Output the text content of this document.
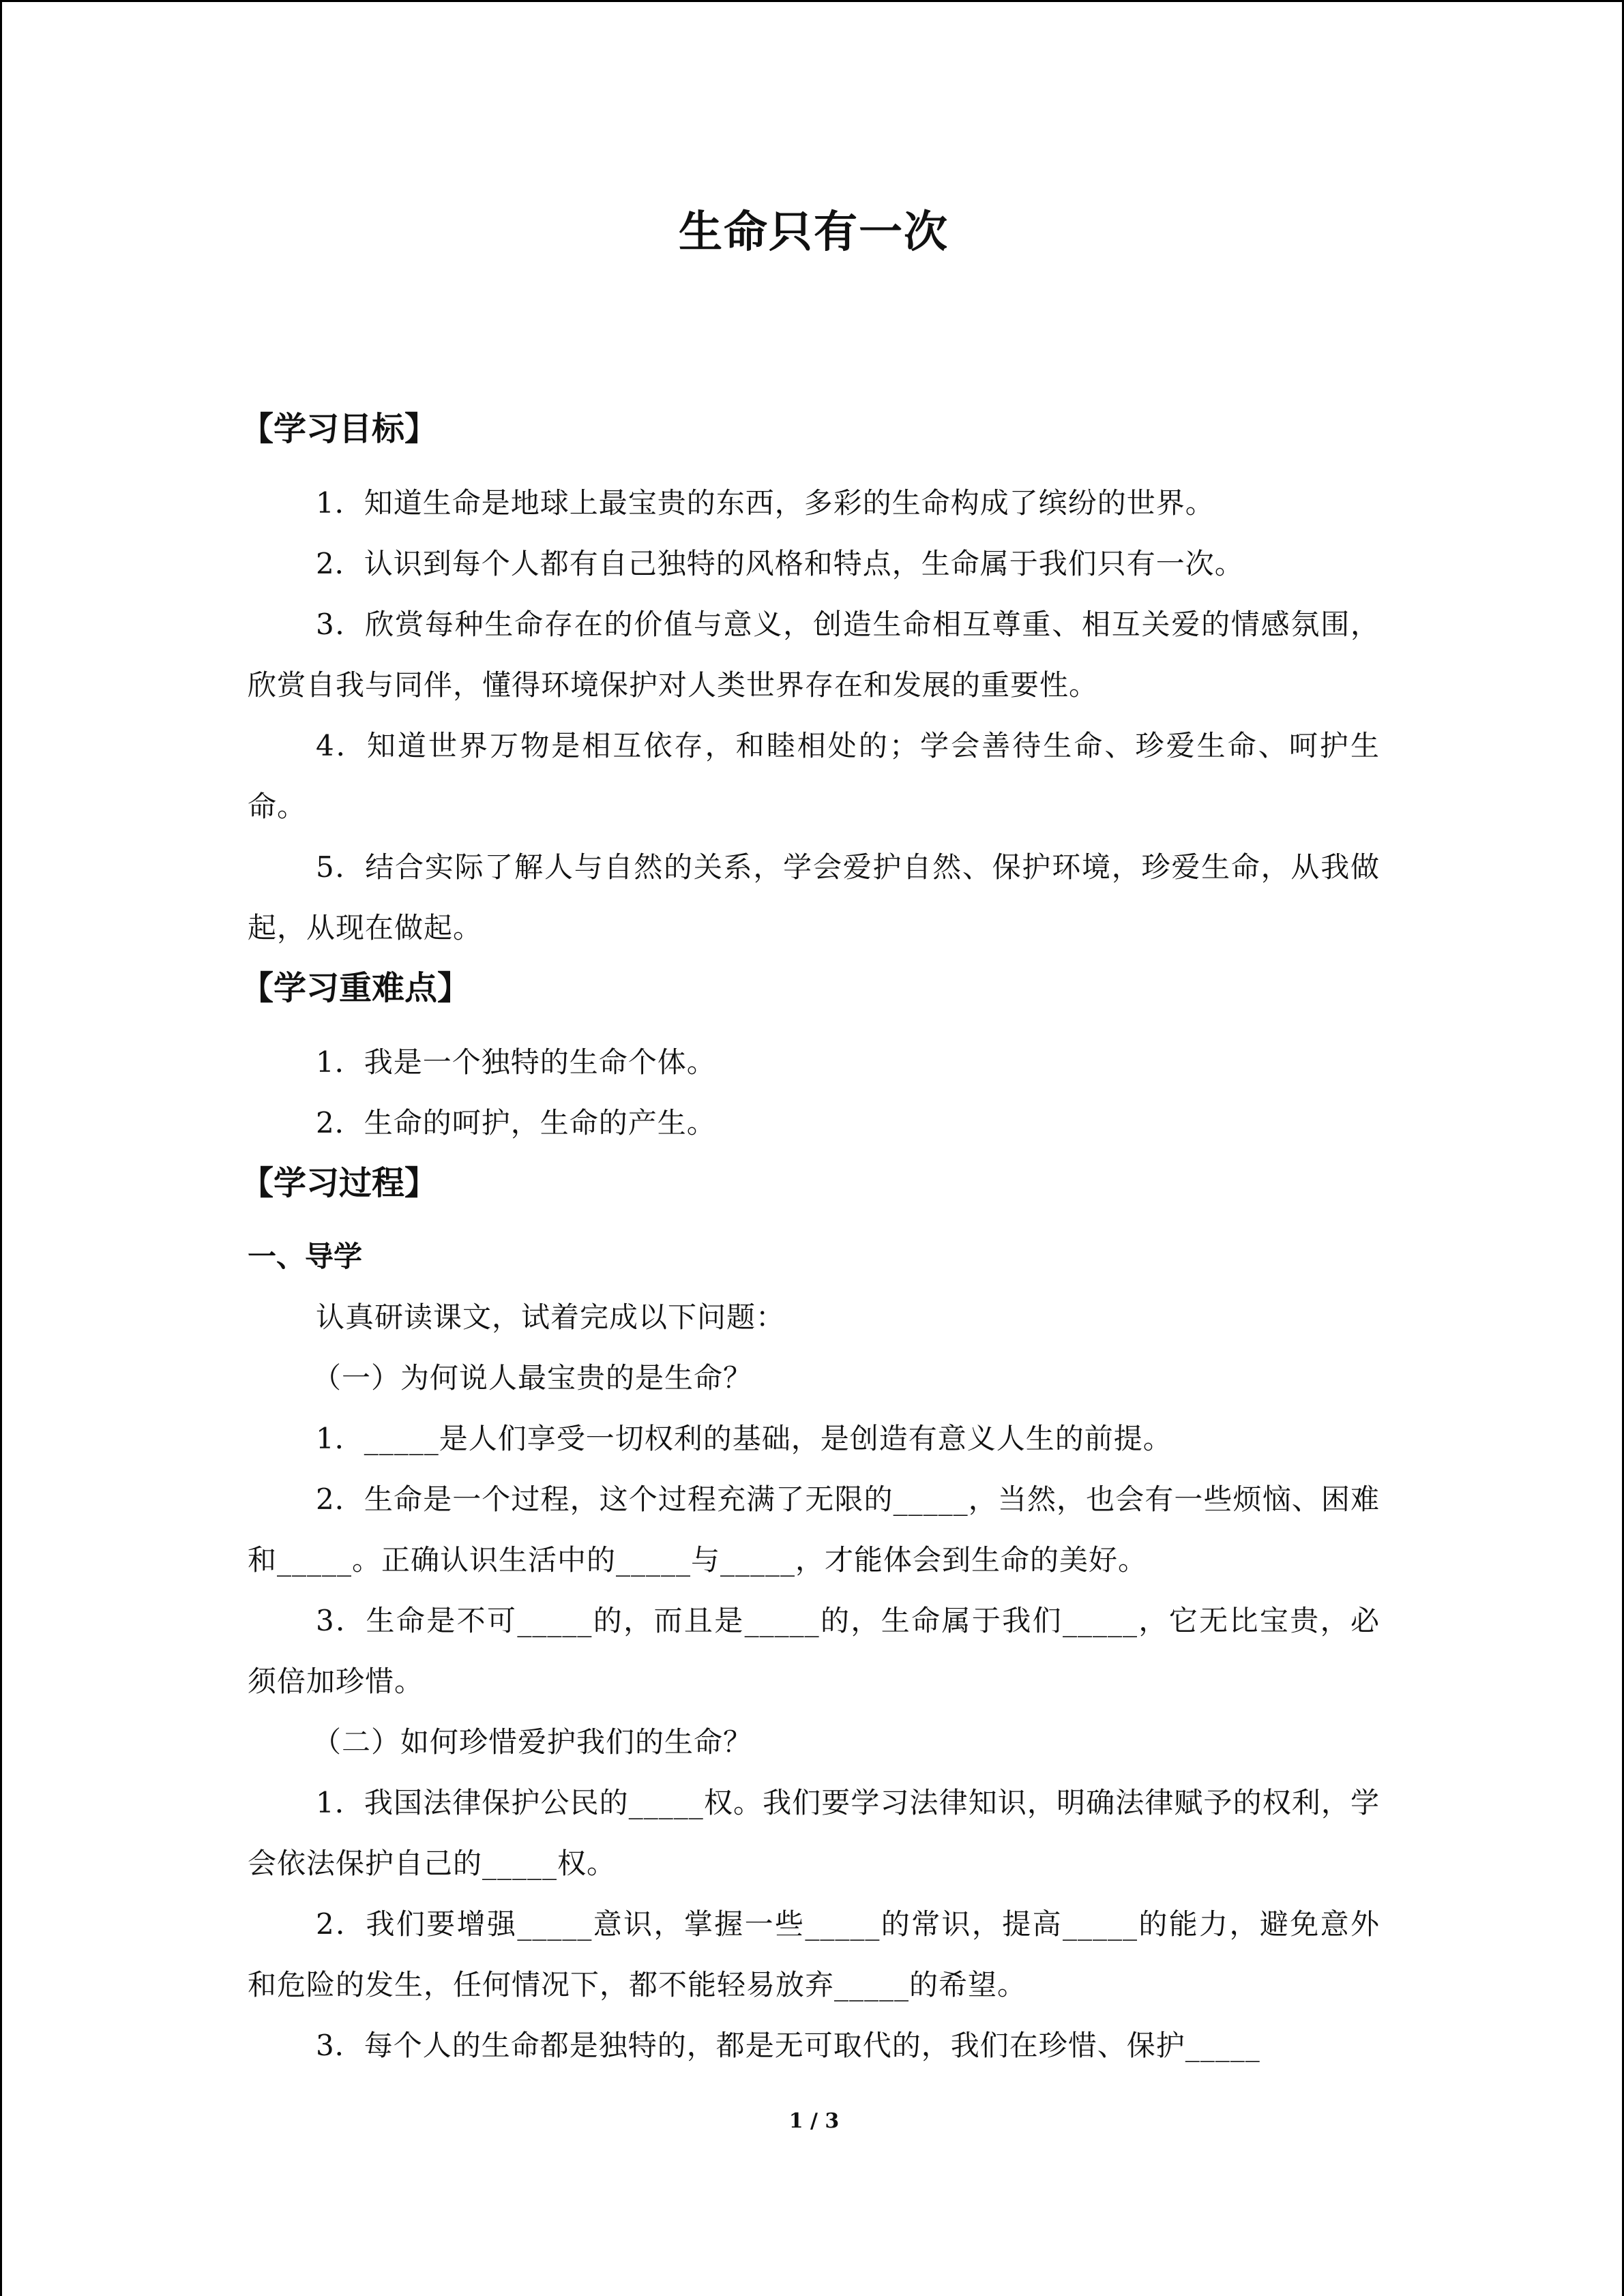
生命只有一次
【学习目标】

1．知道生命是地球上最宝贵的东西，多彩的生命构成了缤纷的世界。

2．认识到每个人都有自己独特的风格和特点，生命属于我们只有一次。

3．欣赏每种生命存在的价值与意义，创造生命相互尊重、相互关爱的情感氛围，欣赏自我与同伴，懂得环境保护对人类世界存在和发展的重要性。

4．知道世界万物是相互依存，和睦相处的；学会善待生命、珍爱生命、呵护生命。

5．结合实际了解人与自然的关系，学会爱护自然、保护环境，珍爱生命，从我做起，从现在做起。

【学习重难点】

1．我是一个独特的生命个体。

2．生命的呵护，生命的产生。

【学习过程】
一、导学

认真研读课文，试着完成以下问题：

（一）为何说人最宝贵的是生命？

1．_____是人们享受一切权利的基础，是创造有意义人生的前提。

2．生命是一个过程，这个过程充满了无限的_____，当然，也会有一些烦恼、困难和_____。正确认识生活中的_____与_____，才能体会到生命的美好。

3．生命是不可_____的，而且是_____的，生命属于我们_____，它无比宝贵，必须倍加珍惜。

（二）如何珍惜爱护我们的生命？

1．我国法律保护公民的_____权。我们要学习法律知识，明确法律赋予的权利，学会依法保护自己的_____权。

2．我们要增强_____意识，掌握一些_____的常识，提高_____的能力，避免意外和危险的发生，任何情况下，都不能轻易放弃_____的希望。

3．每个人的生命都是独特的，都是无可取代的，我们在珍惜、保护_____

1 / 3
